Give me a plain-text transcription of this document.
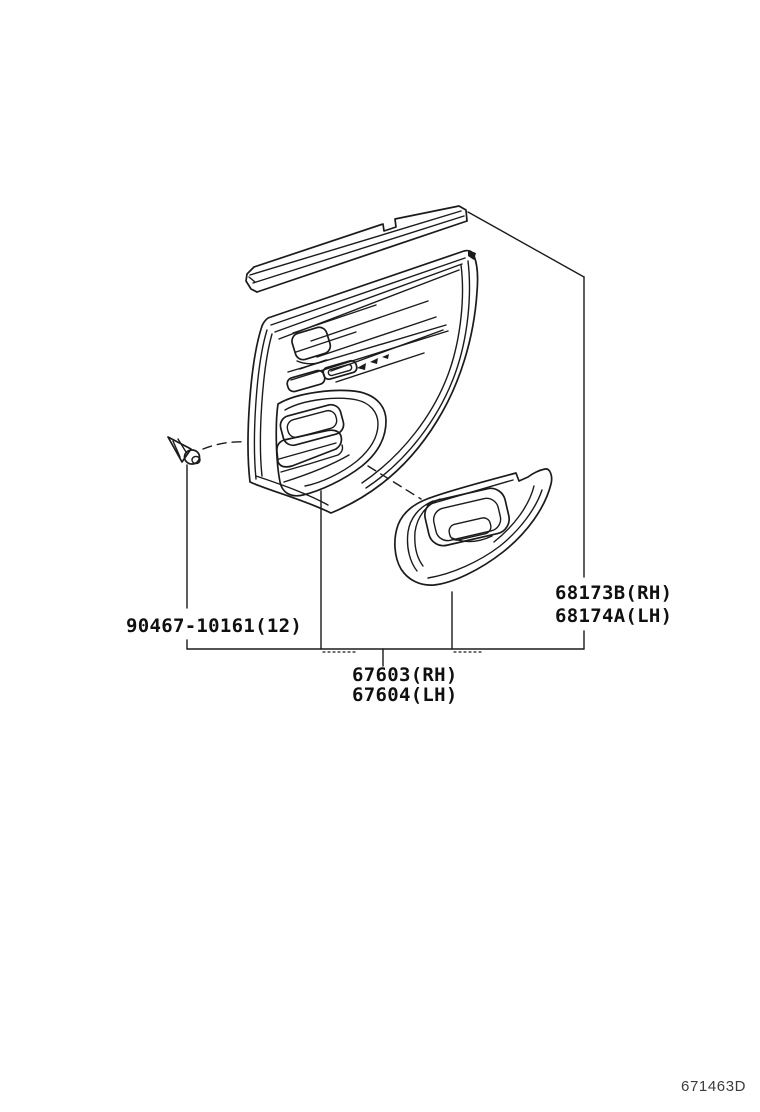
90467-10161(12)
68173B(RH)
68174A(LH)
67603(RH)
67604(LH)
671463D
